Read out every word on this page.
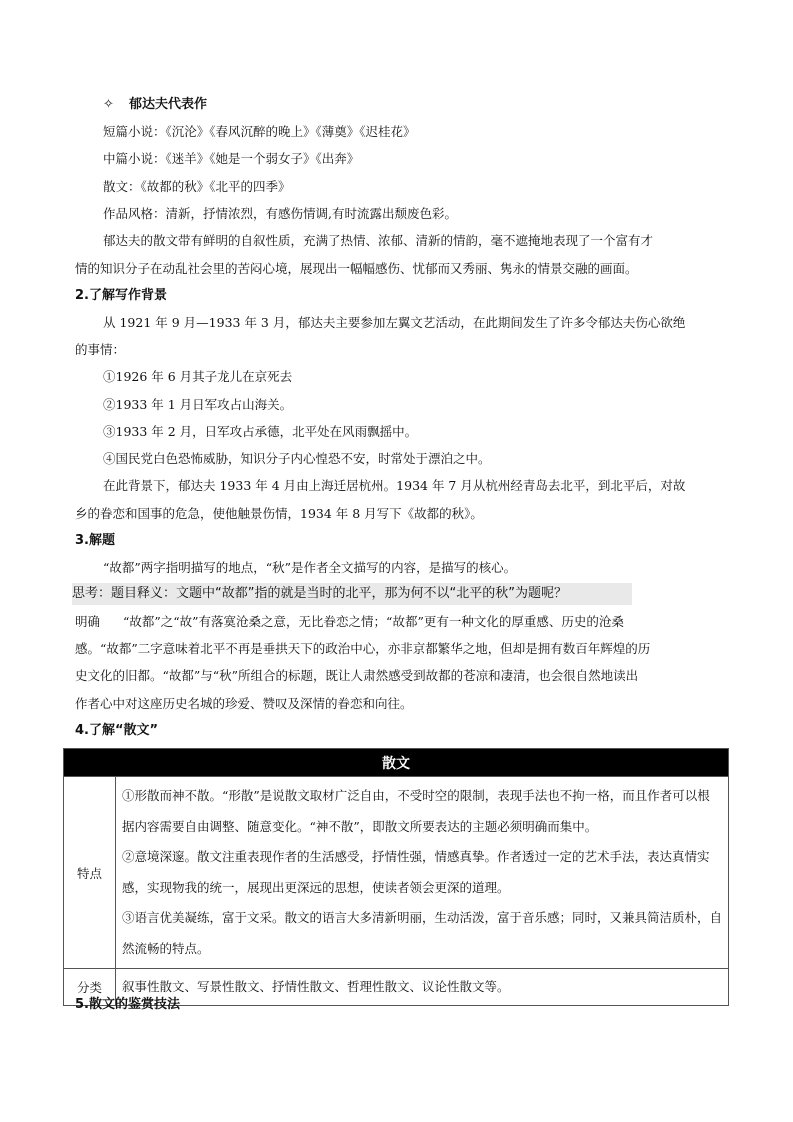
✧ 郁达夫代表作
短篇小说：《沉沦》《春风沉醉的晚上》《薄奠》《迟桂花》
中篇小说：《迷羊》《她是一个弱女子》《出奔》
散文：《故都的秋》《北平的四季》
作品风格：清新，抒情浓烈，有感伤情调,有时流露出颓废色彩。
郁达夫的散文带有鲜明的自叙性质，充满了热情、浓郁、清新的情韵，毫不遮掩地表现了一个富有才
情的知识分子在动乱社会里的苦闷心境，展现出一幅幅感伤、忧郁而又秀丽、隽永的情景交融的画面。
2.了解写作背景
从 1921 年 9 月—1933 年 3 月，郁达夫主要参加左翼文艺活动，在此期间发生了许多令郁达夫伤心欲绝
的事情：
①1926 年 6 月其子龙儿在京死去
②1933 年 1 月日军攻占山海关。
③1933 年 2 月，日军攻占承德，北平处在风雨飘摇中。
④国民党白色恐怖威胁，知识分子内心惶恐不安，时常处于漂泊之中。
在此背景下，郁达夫 1933 年 4 月由上海迁居杭州。1934 年 7 月从杭州经青岛去北平，到北平后，对故
乡的眷恋和国事的危急，使他触景伤情，1934 年 8 月写下《故都的秋》。
3.解题
“故都”两字指明描写的地点，“秋”是作者全文描写的内容，是描写的核心。
思考：题目释义：文题中“故都”指的就是当时的北平，那为何不以“北平的秋”为题呢？
明确 “故都”之“故”有落寞沧桑之意，无比眷恋之情；“故都”更有一种文化的厚重感、历史的沧桑
感。“故都”二字意味着北平不再是垂拱天下的政治中心，亦非京都繁华之地，但却是拥有数百年辉煌的历
史文化的旧都。“故都”与“秋”所组合的标题，既让人肃然感受到故都的苍凉和凄清，也会很自然地读出
作者心中对这座历史名城的珍爱、赞叹及深情的眷恋和向往。
4.了解“散文”
散文	
特点	①形散而神不散。“形散”是说散文取材广泛自由，不受时空的限制，表现手法也不拘一格，而且作者可以根据内容需要自由调整、随意变化。“神不散”，即散文所要表达的主题必须明确而集中。

②意境深邃。散文注重表现作者的生活感受，抒情性强，情感真挚。作者透过一定的艺术手法，表达真情实感，实现物我的统一，展现出更深远的思想，使读者领会更深的道理。

③语言优美凝练，富于文采。散文的语言大多清新明丽，生动活泼，富于音乐感；同时，又兼具简洁质朴，自然流畅的特点。

分类	叙事性散文、写景性散文、抒情性散文、哲理性散文、议论性散文等。
5.散文的鉴赏技法
